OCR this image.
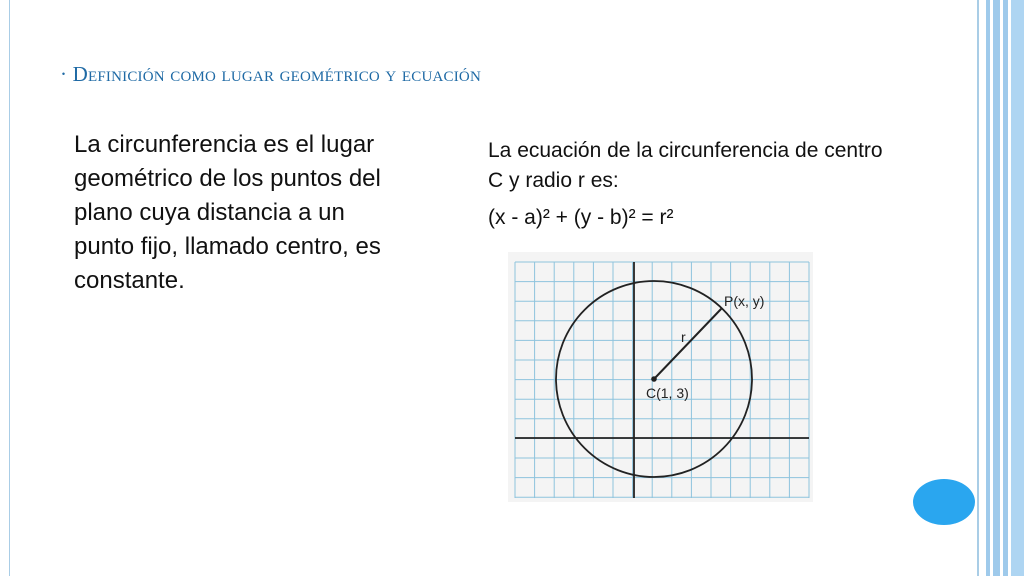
· Definición como lugar geométrico y ecuación

La circunferencia es el lugar geométrico de los puntos del plano cuya distancia a un punto fijo, llamado centro, es constante.

La ecuación de la circunferencia de centro C y radio r es:

(x - a)² + (y - b)² = r²

P(x, y)
r
C(1, 3)
